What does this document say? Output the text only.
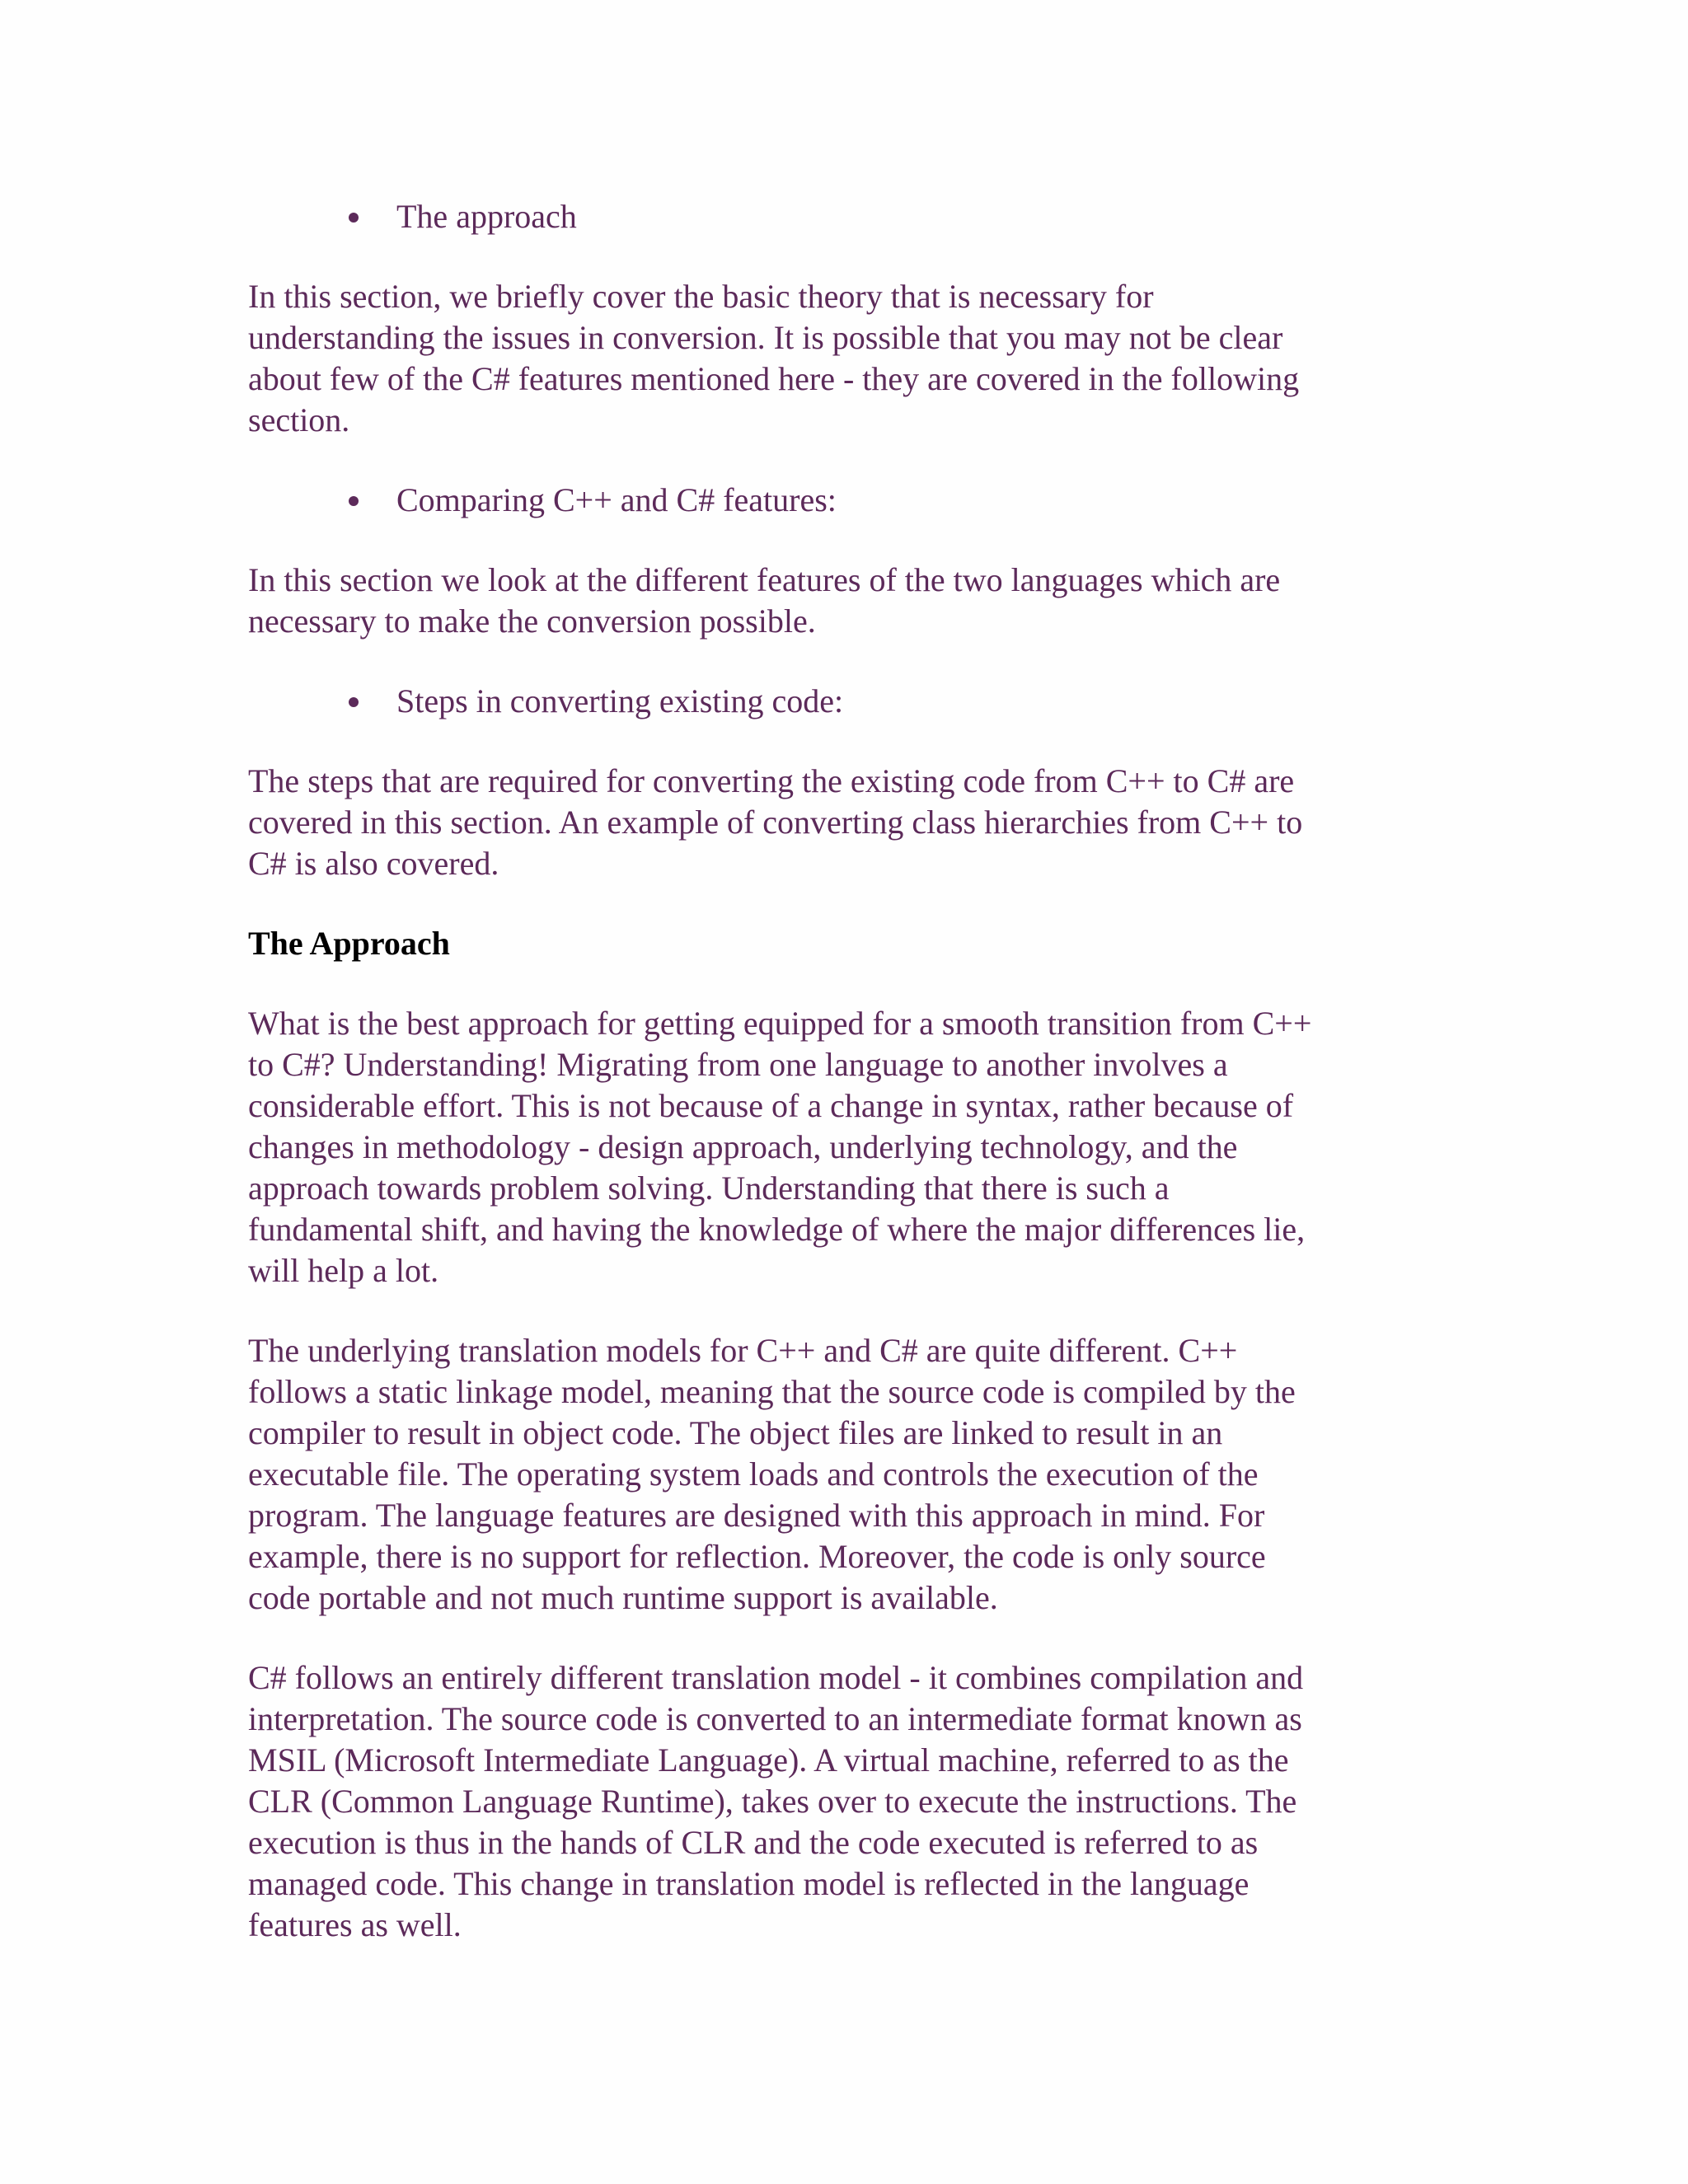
The approach

In this section, we briefly cover the basic theory that is necessary for
understanding the issues in conversion. It is possible that you may not be clear
about few of the C# features mentioned here - they are covered in the following
section.

Comparing C++ and C# features:

In this section we look at the different features of the two languages which are
necessary to make the conversion possible.

Steps in converting existing code:

The steps that are required for converting the existing code from C++ to C# are
covered in this section. An example of converting class hierarchies from C++ to
C# is also covered.

The Approach

What is the best approach for getting equipped for a smooth transition from C++
to C#? Understanding! Migrating from one language to another involves a
considerable effort. This is not because of a change in syntax, rather because of
changes in methodology - design approach, underlying technology, and the
approach towards problem solving. Understanding that there is such a
fundamental shift, and having the knowledge of where the major differences lie,
will help a lot.

The underlying translation models for C++ and C# are quite different. C++
follows a static linkage model, meaning that the source code is compiled by the
compiler to result in object code. The object files are linked to result in an
executable file. The operating system loads and controls the execution of the
program. The language features are designed with this approach in mind. For
example, there is no support for reflection. Moreover, the code is only source
code portable and not much runtime support is available.

C# follows an entirely different translation model - it combines compilation and
interpretation. The source code is converted to an intermediate format known as
MSIL (Microsoft Intermediate Language). A virtual machine, referred to as the
CLR (Common Language Runtime), takes over to execute the instructions. The
execution is thus in the hands of CLR and the code executed is referred to as
managed code. This change in translation model is reflected in the language
features as well.
